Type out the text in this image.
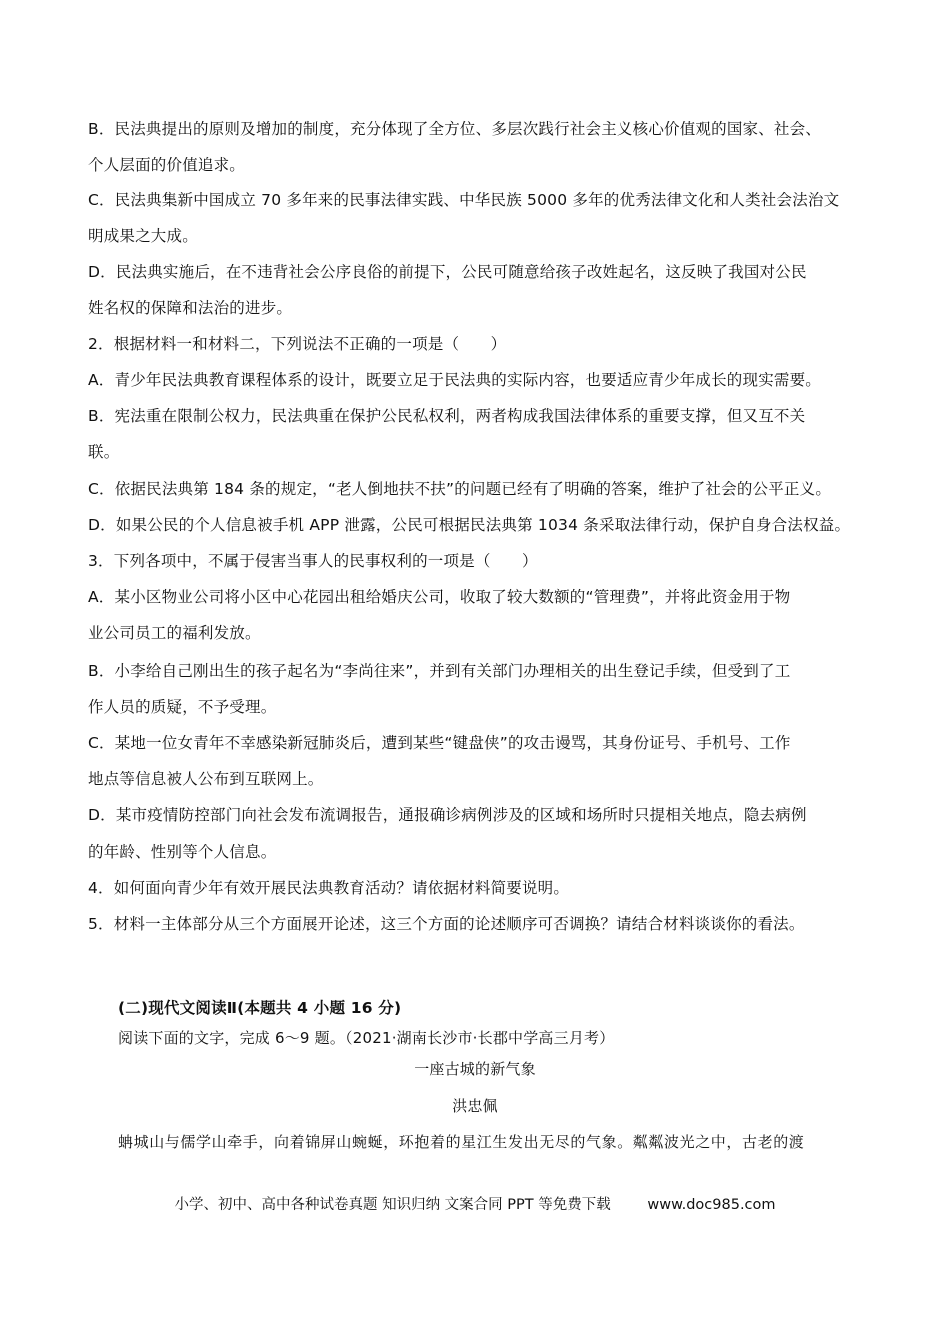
B．民法典提出的原则及增加的制度，充分体现了全方位、多层次践行社会主义核心价值观的国家、社会、
个人层面的价值追求。
C．民法典集新中国成立 70 多年来的民事法律实践、中华民族 5000 多年的优秀法律文化和人类社会法治文
明成果之大成。
D．民法典实施后，在不违背社会公序良俗的前提下，公民可随意给孩子改姓起名，这反映了我国对公民
姓名权的保障和法治的进步。
2．根据材料一和材料二，下列说法不正确的一项是（　　）
A．青少年民法典教育课程体系的设计，既要立足于民法典的实际内容，也要适应青少年成长的现实需要。
B．宪法重在限制公权力，民法典重在保护公民私权利，两者构成我国法律体系的重要支撑，但又互不关
联。
C．依据民法典第 184 条的规定，“老人倒地扶不扶”的问题已经有了明确的答案，维护了社会的公平正义。
D．如果公民的个人信息被手机 APP 泄露，公民可根据民法典第 1034 条采取法律行动，保护自身合法权益。
3．下列各项中，不属于侵害当事人的民事权利的一项是（　　）
A．某小区物业公司将小区中心花园出租给婚庆公司，收取了较大数额的“管理费”，并将此资金用于物
业公司员工的福利发放。
B．小李给自己刚出生的孩子起名为“李尚往来”，并到有关部门办理相关的出生登记手续，但受到了工
作人员的质疑，不予受理。
C．某地一位女青年不幸感染新冠肺炎后，遭到某些“键盘侠”的攻击谩骂，其身份证号、手机号、工作
地点等信息被人公布到互联网上。
D．某市疫情防控部门向社会发布流调报告，通报确诊病例涉及的区域和场所时只提相关地点，隐去病例
的年龄、性别等个人信息。
4．如何面向青少年有效开展民法典教育活动？请依据材料简要说明。
5．材料一主体部分从三个方面展开论述，这三个方面的论述顺序可否调换？请结合材料谈谈你的看法。
(二)现代文阅读Ⅱ(本题共 4 小题 16 分)
阅读下面的文字，完成 6～9 题。（2021·湖南长沙市·长郡中学高三月考）
一座古城的新气象
洪忠佩
蚺城山与儒学山牵手，向着锦屏山蜿蜒，环抱着的星江生发出无尽的气象。粼粼波光之中，古老的渡
小学、初中、高中各种试卷真题 知识归纳 文案合同 PPT 等免费下载	www.doc985.com
